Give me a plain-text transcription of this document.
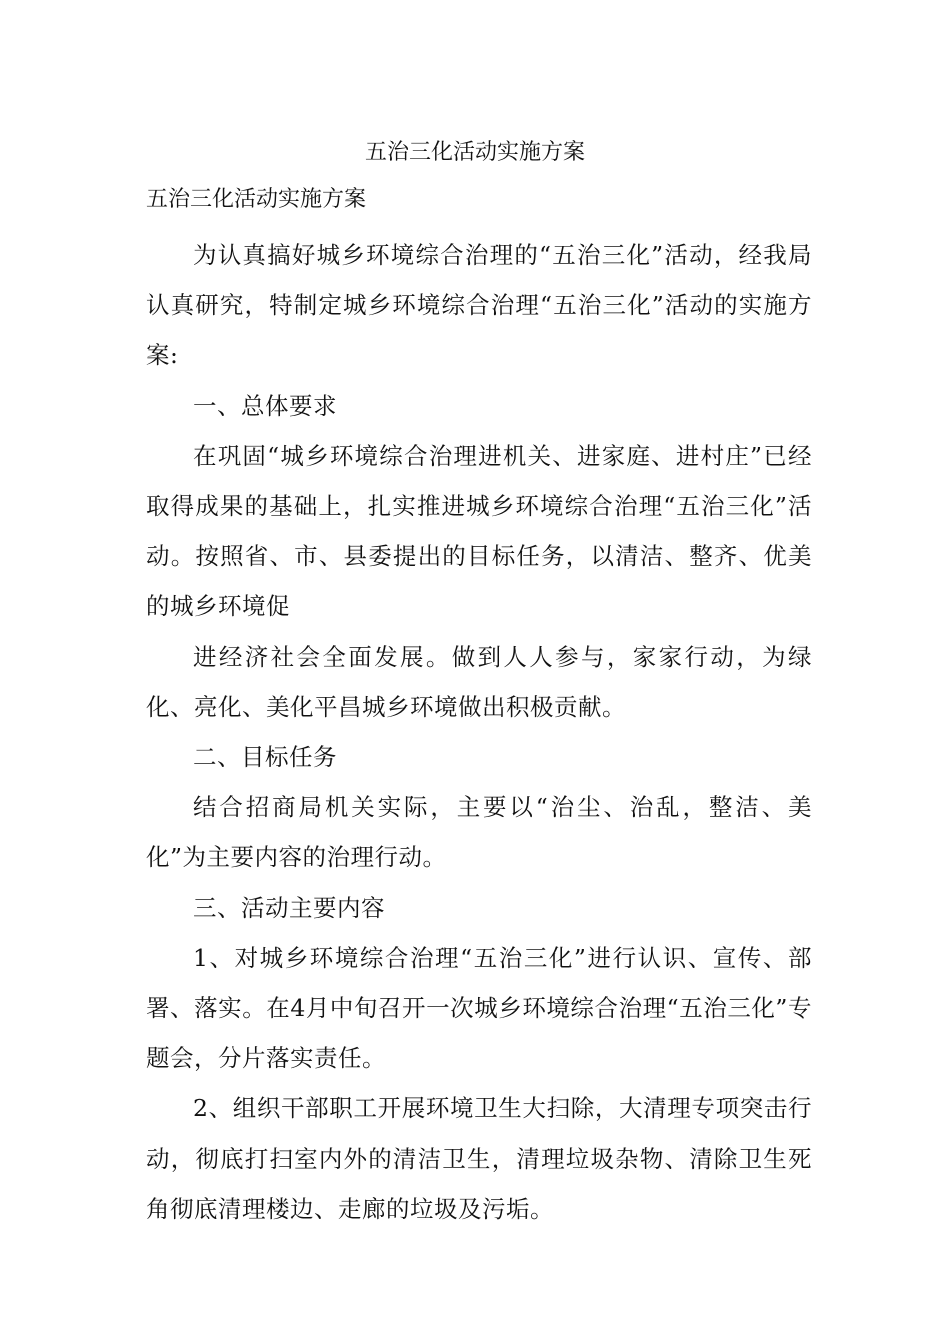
五治三化活动实施方案
五治三化活动实施方案

为认真搞好城乡环境综合治理的“五治三化”活动，经我局认真研究，特制定城乡环境综合治理“五治三化”活动的实施方案:

一、总体要求

在巩固“城乡环境综合治理进机关、进家庭、进村庄”已经取得成果的基础上，扎实推进城乡环境综合治理“五治三化”活动。按照省、市、县委提出的目标任务，以清洁、整齐、优美的城乡环境促

进经济社会全面发展。做到人人参与，家家行动，为绿化、亮化、美化平昌城乡环境做出积极贡献。

二、目标任务

结合招商局机关实际，主要以“治尘、治乱，整洁、美化”为主要内容的治理行动。

三、活动主要内容

1、对城乡环境综合治理“五治三化”进行认识、宣传、部署、落实。在4月中旬召开一次城乡环境综合治理“五治三化”专题会，分片落实责任。

2、组织干部职工开展环境卫生大扫除，大清理专项突击行动，彻底打扫室内外的清洁卫生，清理垃圾杂物、清除卫生死角彻底清理楼边、走廊的垃圾及污垢。
